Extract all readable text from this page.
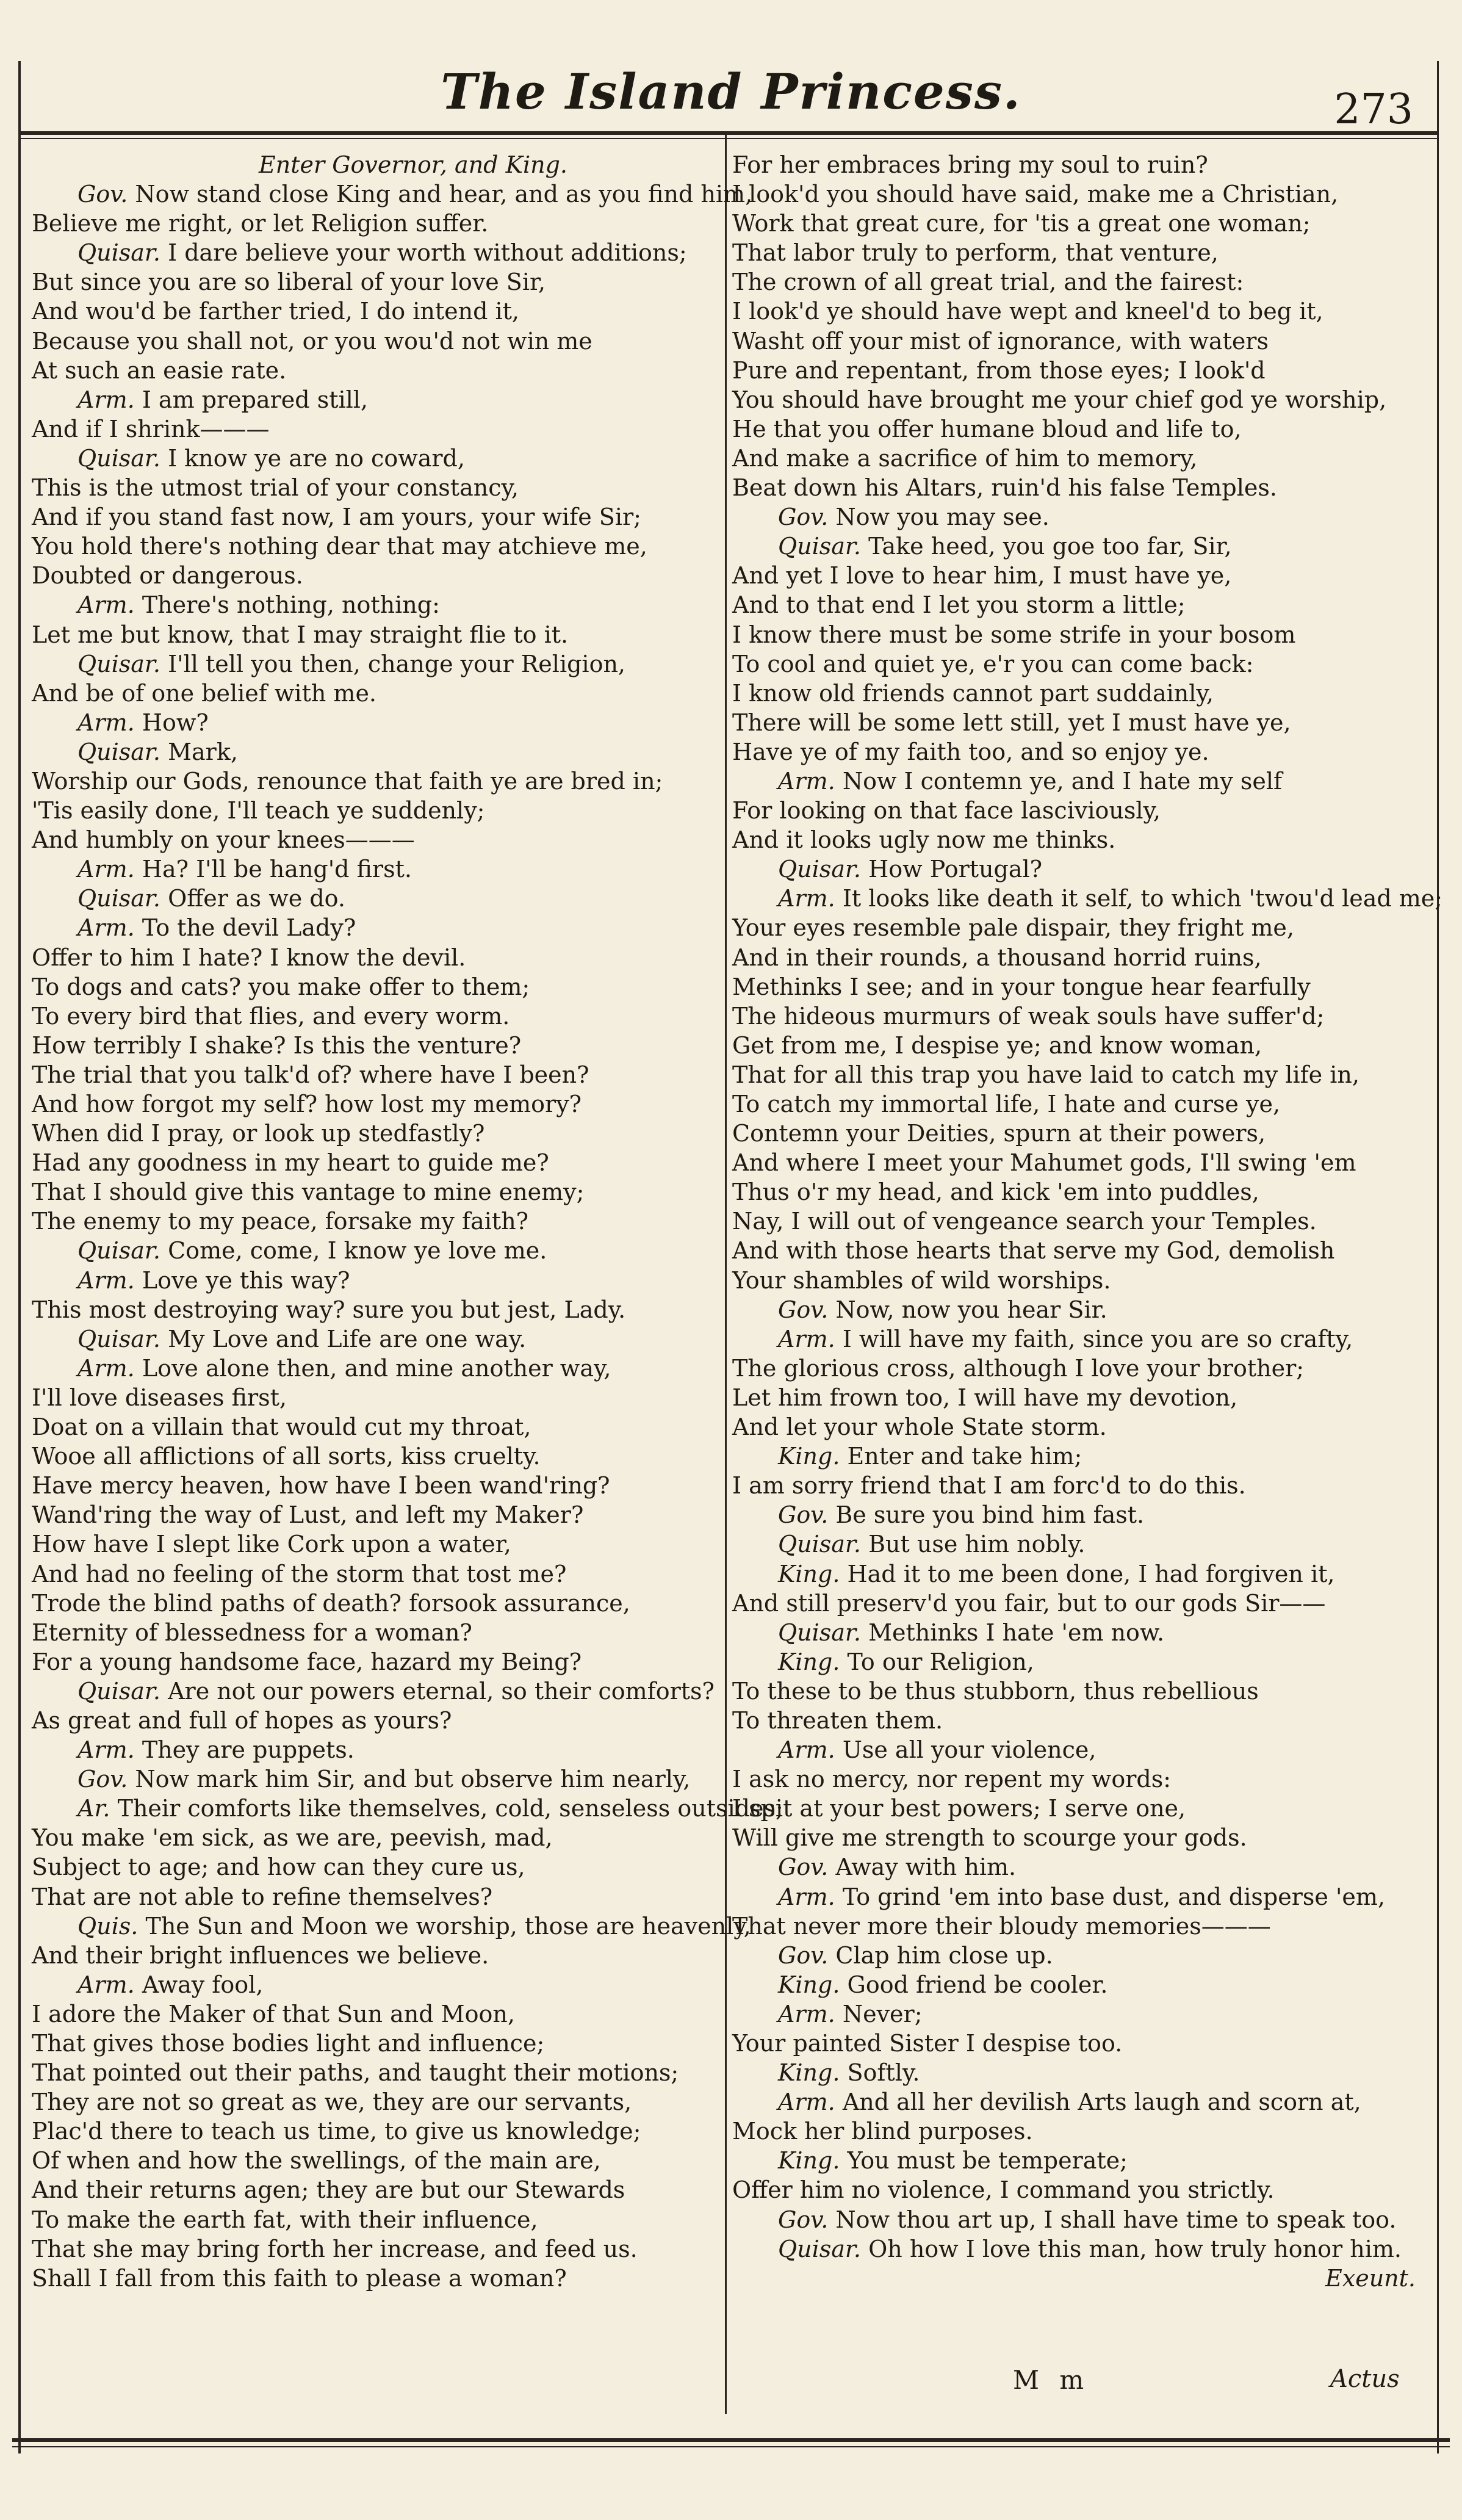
The Island Princess.	273
Enter Governor, and King.
Gov. Now stand close King and hear, and as you find him,
Believe me right, or let Religion suffer.
Quisar. I dare believe your worth without additions;
But since you are so liberal of your love Sir,
And wou'd be farther tried, I do intend it,
Because you shall not, or you wou'd not win me
At such an easie rate.
Arm. I am prepared still,
And if I shrink———
Quisar. I know ye are no coward,
This is the utmost trial of your constancy,
And if you stand fast now, I am yours, your wife Sir;
You hold there's nothing dear that may atchieve me,
Doubted or dangerous.
Arm. There's nothing, nothing:
Let me but know, that I may straight flie to it.
Quisar. I'll tell you then, change your Religion,
And be of one belief with me.
Arm. How?
Quisar. Mark,
Worship our Gods, renounce that faith ye are bred in;
'Tis easily done, I'll teach ye suddenly;
And humbly on your knees———
Arm. Ha? I'll be hang'd first.
Quisar. Offer as we do.
Arm. To the devil Lady?
Offer to him I hate? I know the devil.
To dogs and cats? you make offer to them;
To every bird that flies, and every worm.
How terribly I shake? Is this the venture?
The trial that you talk'd of? where have I been?
And how forgot my self? how lost my memory?
When did I pray, or look up stedfastly?
Had any goodness in my heart to guide me?
That I should give this vantage to mine enemy;
The enemy to my peace, forsake my faith?
Quisar. Come, come, I know ye love me.
Arm. Love ye this way?
This most destroying way? sure you but jest, Lady.
Quisar. My Love and Life are one way.
Arm. Love alone then, and mine another way,
I'll love diseases first,
Doat on a villain that would cut my throat,
Wooe all afflictions of all sorts, kiss cruelty.
Have mercy heaven, how have I been wand'ring?
Wand'ring the way of Lust, and left my Maker?
How have I slept like Cork upon a water,
And had no feeling of the storm that tost me?
Trode the blind paths of death? forsook assurance,
Eternity of blessedness for a woman?
For a young handsome face, hazard my Being?
Quisar. Are not our powers eternal, so their comforts?
As great and full of hopes as yours?
Arm. They are puppets.
Gov. Now mark him Sir, and but observe him nearly,
Ar. Their comforts like themselves, cold, senseless outsides;
You make 'em sick, as we are, peevish, mad,
Subject to age; and how can they cure us,
That are not able to refine themselves?
Quis. The Sun and Moon we worship, those are heavenly,
And their bright influences we believe.
Arm. Away fool,
I adore the Maker of that Sun and Moon,
That gives those bodies light and influence;
That pointed out their paths, and taught their motions;
They are not so great as we, they are our servants,
Plac'd there to teach us time, to give us knowledge;
Of when and how the swellings, of the main are,
And their returns agen; they are but our Stewards
To make the earth fat, with their influence,
That she may bring forth her increase, and feed us.
Shall I fall from this faith to please a woman?
For her embraces bring my soul to ruin?
I look'd you should have said, make me a Christian,
Work that great cure, for 'tis a great one woman;
That labor truly to perform, that venture,
The crown of all great trial, and the fairest:
I look'd ye should have wept and kneel'd to beg it,
Washt off your mist of ignorance, with waters
Pure and repentant, from those eyes; I look'd
You should have brought me your chief god ye worship,
He that you offer humane bloud and life to,
And make a sacrifice of him to memory,
Beat down his Altars, ruin'd his false Temples.
Gov. Now you may see.
Quisar. Take heed, you goe too far, Sir,
And yet I love to hear him, I must have ye,
And to that end I let you storm a little;
I know there must be some strife in your bosom
To cool and quiet ye, e'r you can come back:
I know old friends cannot part suddainly,
There will be some lett still, yet I must have ye,
Have ye of my faith too, and so enjoy ye.
Arm. Now I contemn ye, and I hate my self
For looking on that face lasciviously,
And it looks ugly now me thinks.
Quisar. How Portugal?
Arm. It looks like death it self, to which 'twou'd lead me;
Your eyes resemble pale dispair, they fright me,
And in their rounds, a thousand horrid ruins,
Methinks I see; and in your tongue hear fearfully
The hideous murmurs of weak souls have suffer'd;
Get from me, I despise ye; and know woman,
That for all this trap you have laid to catch my life in,
To catch my immortal life, I hate and curse ye,
Contemn your Deities, spurn at their powers,
And where I meet your Mahumet gods, I'll swing 'em
Thus o'r my head, and kick 'em into puddles,
Nay, I will out of vengeance search your Temples.
And with those hearts that serve my God, demolish
Your shambles of wild worships.
Gov. Now, now you hear Sir.
Arm. I will have my faith, since you are so crafty,
The glorious cross, although I love your brother;
Let him frown too, I will have my devotion,
And let your whole State storm.
King. Enter and take him;
I am sorry friend that I am forc'd to do this.
Gov. Be sure you bind him fast.
Quisar. But use him nobly.
King. Had it to me been done, I had forgiven it,
And still preserv'd you fair, but to our gods Sir——
Quisar. Methinks I hate 'em now.
King. To our Religion,
To these to be thus stubborn, thus rebellious
To threaten them.
Arm. Use all your violence,
I ask no mercy, nor repent my words:
I spit at your best powers; I serve one,
Will give me strength to scourge your gods.
Gov. Away with him.
Arm. To grind 'em into base dust, and disperse 'em,
That never more their bloudy memories———
Gov. Clap him close up.
King. Good friend be cooler.
Arm. Never;
Your painted Sister I despise too.
King. Softly.
Arm. And all her devilish Arts laugh and scorn at,
Mock her blind purposes.
King. You must be temperate;
Offer him no violence, I command you strictly.
Gov. Now thou art up, I shall have time to speak too.
Quisar. Oh how I love this man, how truly honor him.
Exeunt.
M m	Actus
